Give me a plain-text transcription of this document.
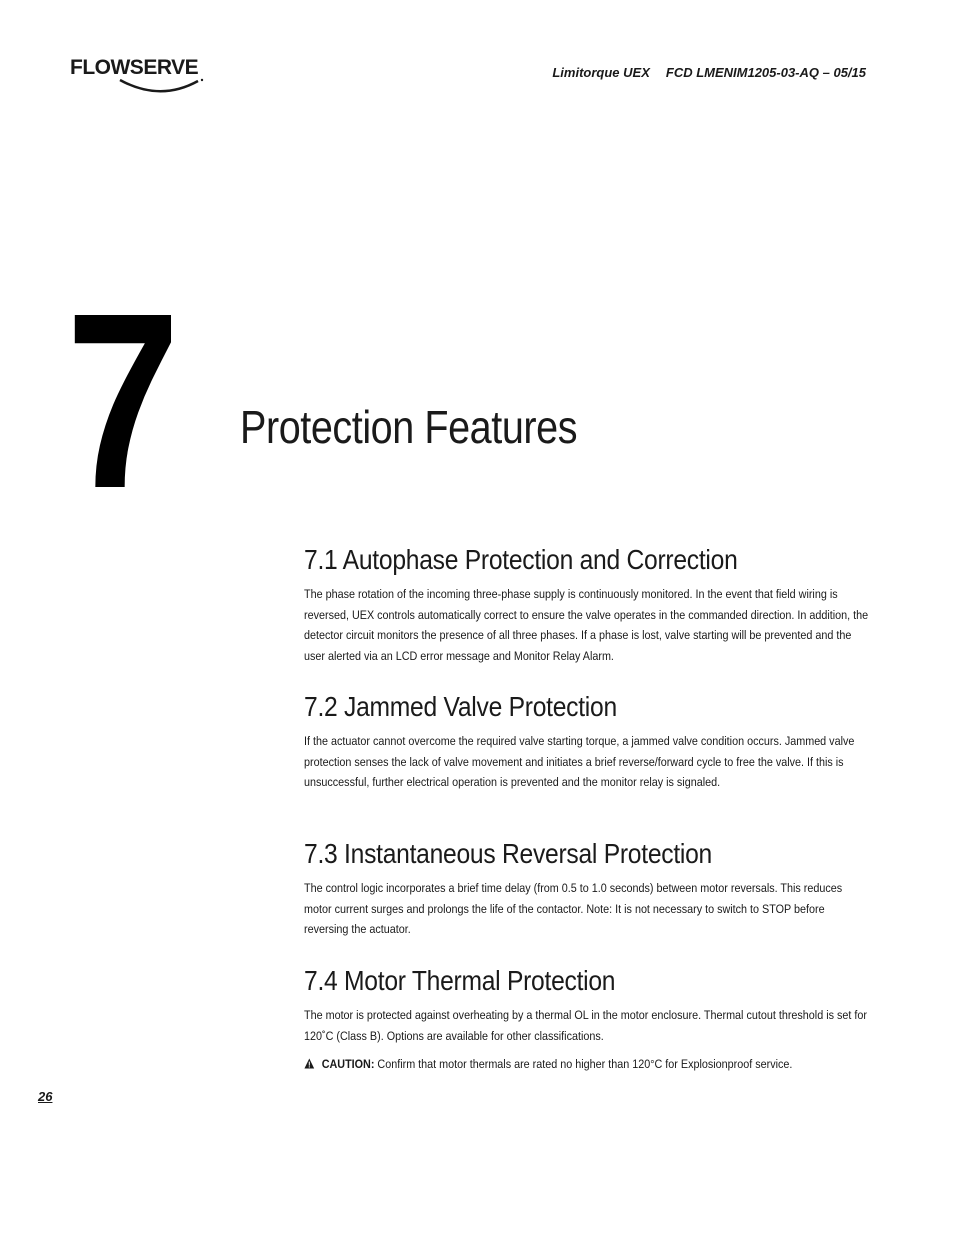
FLOWSERVE	Limitorque UEX FCD LMENIM1205-03-AQ – 05/15
7 Protection Features
7.1 Autophase Protection and Correction

The phase rotation of the incoming three-phase supply is continuously monitored. In the event that field wiring is reversed, UEX controls automatically correct to ensure the valve operates in the commanded direction. In addition, the detector circuit monitors the presence of all three phases. If a phase is lost, valve starting will be prevented and the user alerted via an LCD error message and Monitor Relay Alarm.

7.2 Jammed Valve Protection

If the actuator cannot overcome the required valve starting torque, a jammed valve condition occurs. Jammed valve protection senses the lack of valve movement and initiates a brief reverse/forward cycle to free the valve. If this is unsuccessful, further electrical operation is prevented and the monitor relay is signaled.

7.3 Instantaneous Reversal Protection

The control logic incorporates a brief time delay (from 0.5 to 1.0 seconds) between motor reversals. This reduces motor current surges and prolongs the life of the contactor. Note: It is not necessary to switch to STOP before reversing the actuator.

7.4 Motor Thermal Protection

The motor is protected against overheating by a thermal OL in the motor enclosure. Thermal cutout threshold is set for 120˚C (Class B). Options are available for other classifications.

CAUTION: Confirm that motor thermals are rated no higher than 120°C for Explosionproof service.
26
